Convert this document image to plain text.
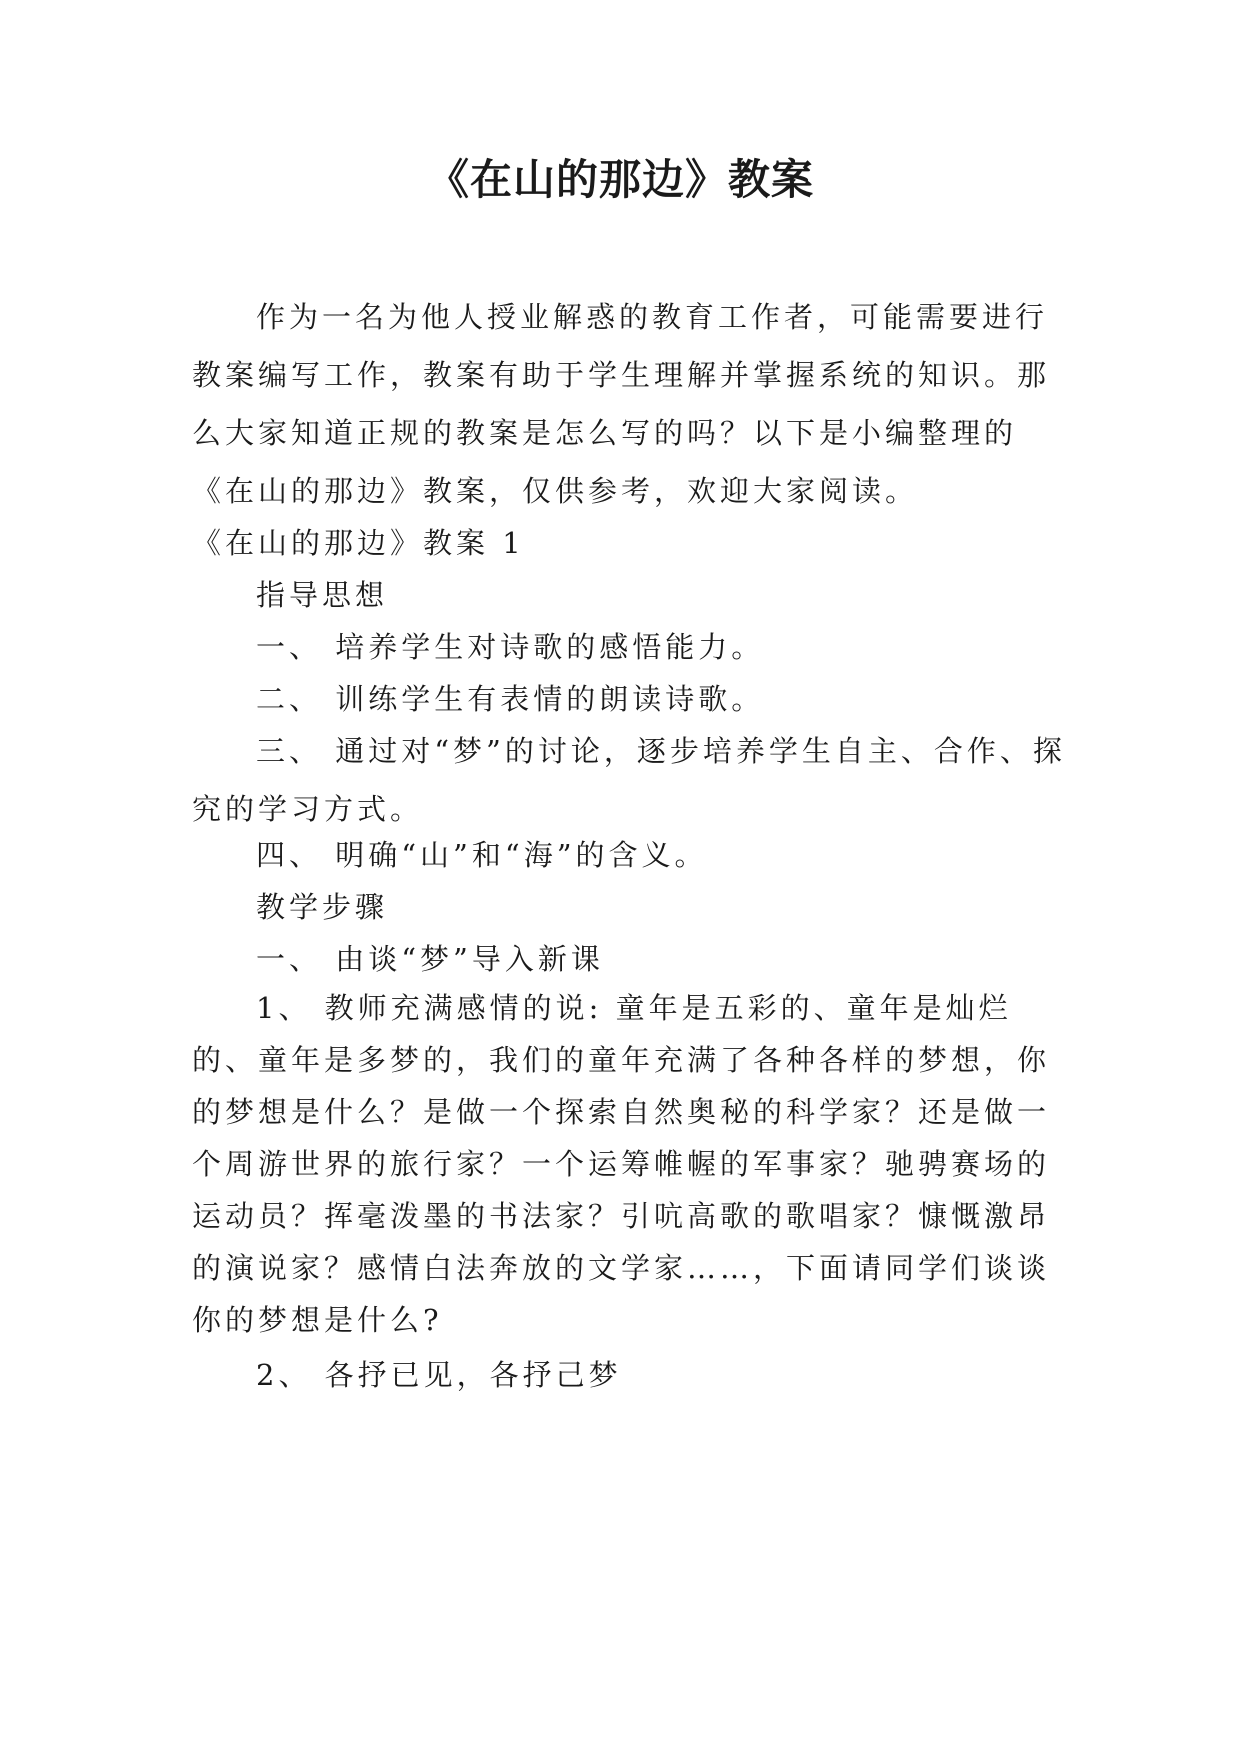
《在山的那边》教案

作为一名为他人授业解惑的教育工作者，可能需要进行教案编写工作，教案有助于学生理解并掌握系统的知识。那么大家知道正规的教案是怎么写的吗？以下是小编整理的《在山的那边》教案，仅供参考，欢迎大家阅读。

《在山的那边》教案 1

指导思想

一、 培养学生对诗歌的感悟能力。

二、 训练学生有表情的朗读诗歌。

三、 通过对“梦”的讨论，逐步培养学生自主、合作、探究的学习方式。

四、 明确“山”和“海”的含义。

教学步骤

一、 由谈“梦”导入新课

1、 教师充满感情的说: 童年是五彩的、童年是灿烂的、童年是多梦的，我们的童年充满了各种各样的梦想，你的梦想是什么？是做一个探索自然奥秘的科学家？还是做一个周游世界的旅行家？一个运筹帷幄的军事家？驰骋赛场的运动员？挥毫泼墨的书法家？引吭高歌的歌唱家？慷慨激昂的演说家？感情白法奔放的文学家……，下面请同学们谈谈你的梦想是什么?

2、 各抒已见，各抒己梦
